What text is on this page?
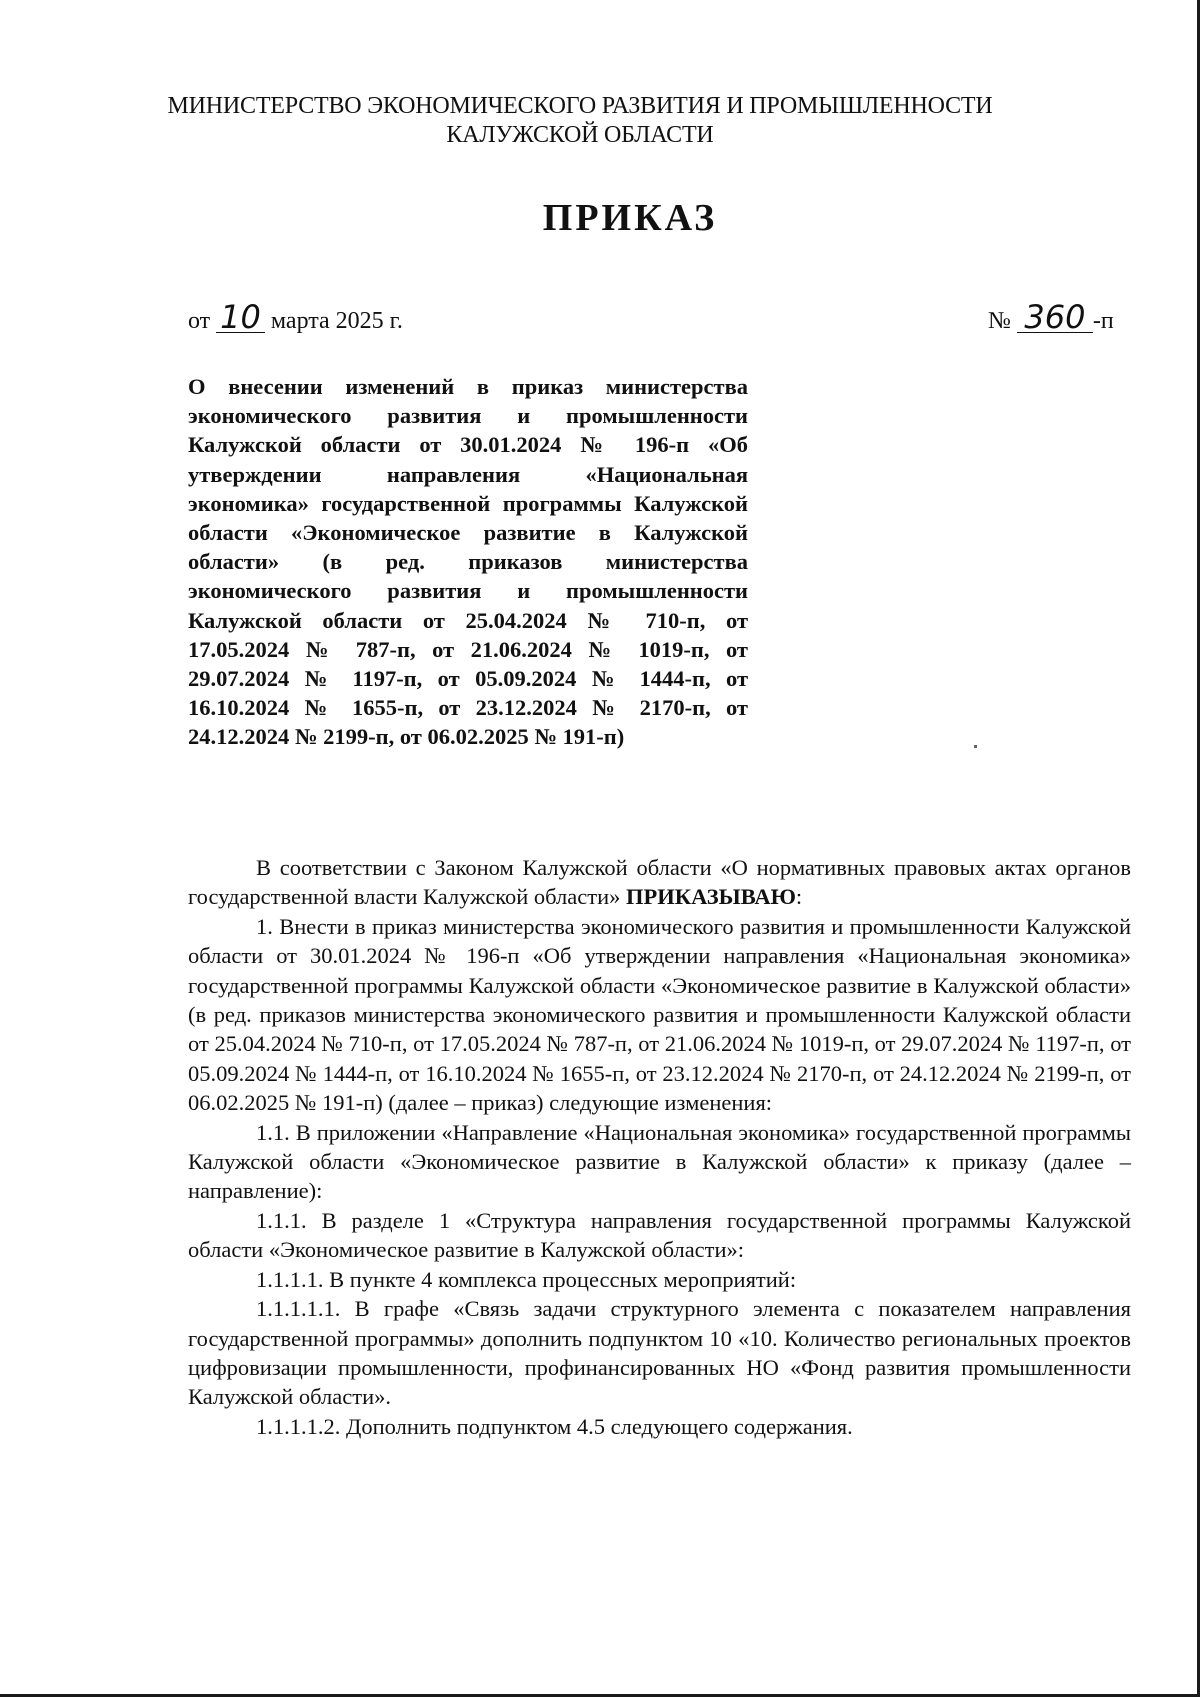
МИНИСТЕРСТВО ЭКОНОМИЧЕСКОГО РАЗВИТИЯ И ПРОМЫШЛЕННОСТИ
КАЛУЖСКОЙ ОБЛАСТИ
ПРИКАЗ
от 10 марта 2025 г.	№ 360 -п
О внесении изменений в приказ министерства экономического развития и промышленности Калужской области от 30.01.2024 № 196-п «Об утверждении направления «Национальная экономика» государственной программы Калужской области «Экономическое развитие в Калужской области» (в ред. приказов министерства экономического развития и промышленности Калужской области от 25.04.2024 № 710-п, от 17.05.2024 № 787-п, от 21.06.2024 № 1019-п, от 29.07.2024 № 1197-п, от 05.09.2024 № 1444-п, от 16.10.2024 № 1655-п, от 23.12.2024 № 2170-п, от 24.12.2024 № 2199-п, от 06.02.2025 № 191-п)

В соответствии с Законом Калужской области «О нормативных правовых актах органов государственной власти Калужской области» ПРИКАЗЫВАЮ:

1. Внести в приказ министерства экономического развития и промышленности Калужской области от 30.01.2024 № 196-п «Об утверждении направления «Национальная экономика» государственной программы Калужской области «Экономическое развитие в Калужской области» (в ред. приказов министерства экономического развития и промышленности Калужской области от 25.04.2024 № 710-п, от 17.05.2024 № 787-п, от 21.06.2024 № 1019-п, от 29.07.2024 № 1197-п, от 05.09.2024 № 1444-п, от 16.10.2024 № 1655-п, от 23.12.2024 № 2170-п, от 24.12.2024 № 2199-п, от 06.02.2025 № 191-п) (далее – приказ) следующие изменения:

1.1. В приложении «Направление «Национальная экономика» государственной программы Калужской области «Экономическое развитие в Калужской области» к приказу (далее – направление):

1.1.1. В разделе 1 «Структура направления государственной программы Калужской области «Экономическое развитие в Калужской области»:

1.1.1.1. В пункте 4 комплекса процессных мероприятий:

1.1.1.1.1. В графе «Связь задачи структурного элемента с показателем направления государственной программы» дополнить подпунктом 10 «10. Количество региональных проектов цифровизации промышленности, профинансированных НО «Фонд развития промышленности Калужской области».

1.1.1.1.2. Дополнить подпунктом 4.5 следующего содержания.
